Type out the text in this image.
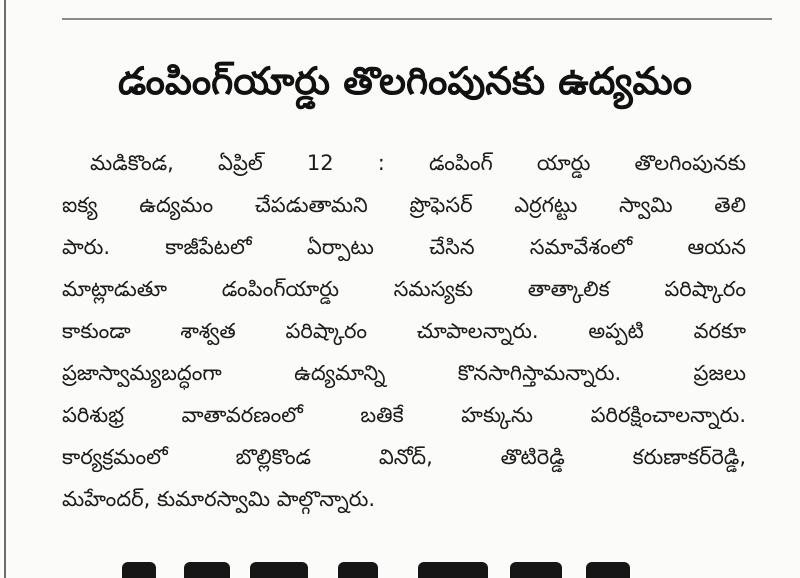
డంపింగ్‌యార్డు తొలగింపునకు ఉద్యమం
మడికొండ, ఏప్రిల్ 12 : డంపింగ్ యార్డు తొలగింపునకు
ఐక్య ఉద్యమం చేపడుతామని ప్రొఫెసర్ ఎర్రగట్టు స్వామి తెలి
పారు. కాజీపేటలో ఏర్పాటు చేసిన సమావేశంలో ఆయన
మాట్లాడుతూ డంపింగ్‌యార్డు సమస్యకు తాత్కాలిక పరిష్కారం
కాకుండా శాశ్వత పరిష్కారం చూపాలన్నారు. అప్పటి వరకూ
ప్రజాస్వామ్యబద్ధంగా ఉద్యమాన్ని కొనసాగిస్తామన్నారు. ప్రజలు
పరిశుభ్ర వాతావరణంలో బతికే హక్కును పరిరక్షించాలన్నారు.
కార్యక్రమంలో బొల్లికొండ వినోద్, తొటిరెడ్డి కరుణాకర్‌రెడ్డి,
మహేందర్, కుమారస్వామి పాల్గొన్నారు.
